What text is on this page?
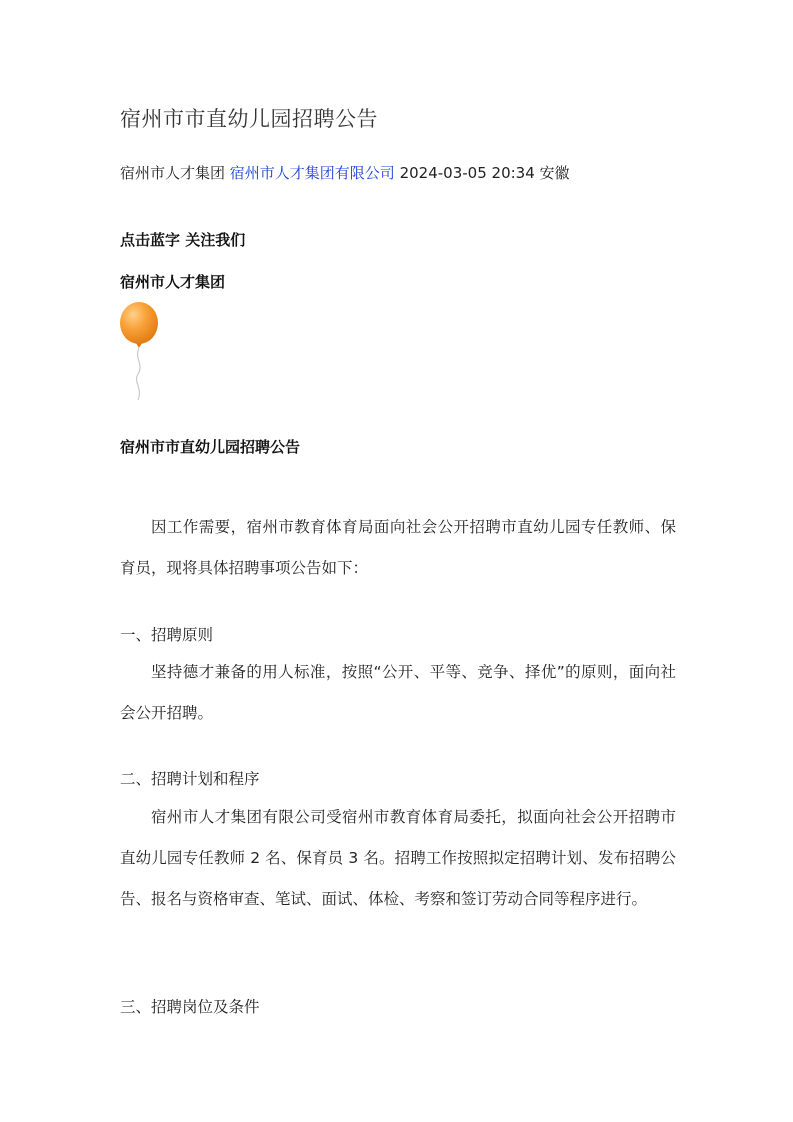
宿州市市直幼儿园招聘公告
宿州市人才集团 宿州市人才集团有限公司 2024-03-05 20:34 安徽
点击蓝字 关注我们
宿州市人才集团
宿州市市直幼儿园招聘公告

因工作需要，宿州市教育体育局面向社会公开招聘市直幼儿园专任教师、保育员，现将具体招聘事项公告如下：

一、招聘原则

坚持德才兼备的用人标准，按照“公开、平等、竞争、择优”的原则，面向社会公开招聘。

二、招聘计划和程序

宿州市人才集团有限公司受宿州市教育体育局委托，拟面向社会公开招聘市直幼儿园专任教师 2 名、保育员 3 名。招聘工作按照拟定招聘计划、发布招聘公告、报名与资格审查、笔试、面试、体检、考察和签订劳动合同等程序进行。

三、招聘岗位及条件
